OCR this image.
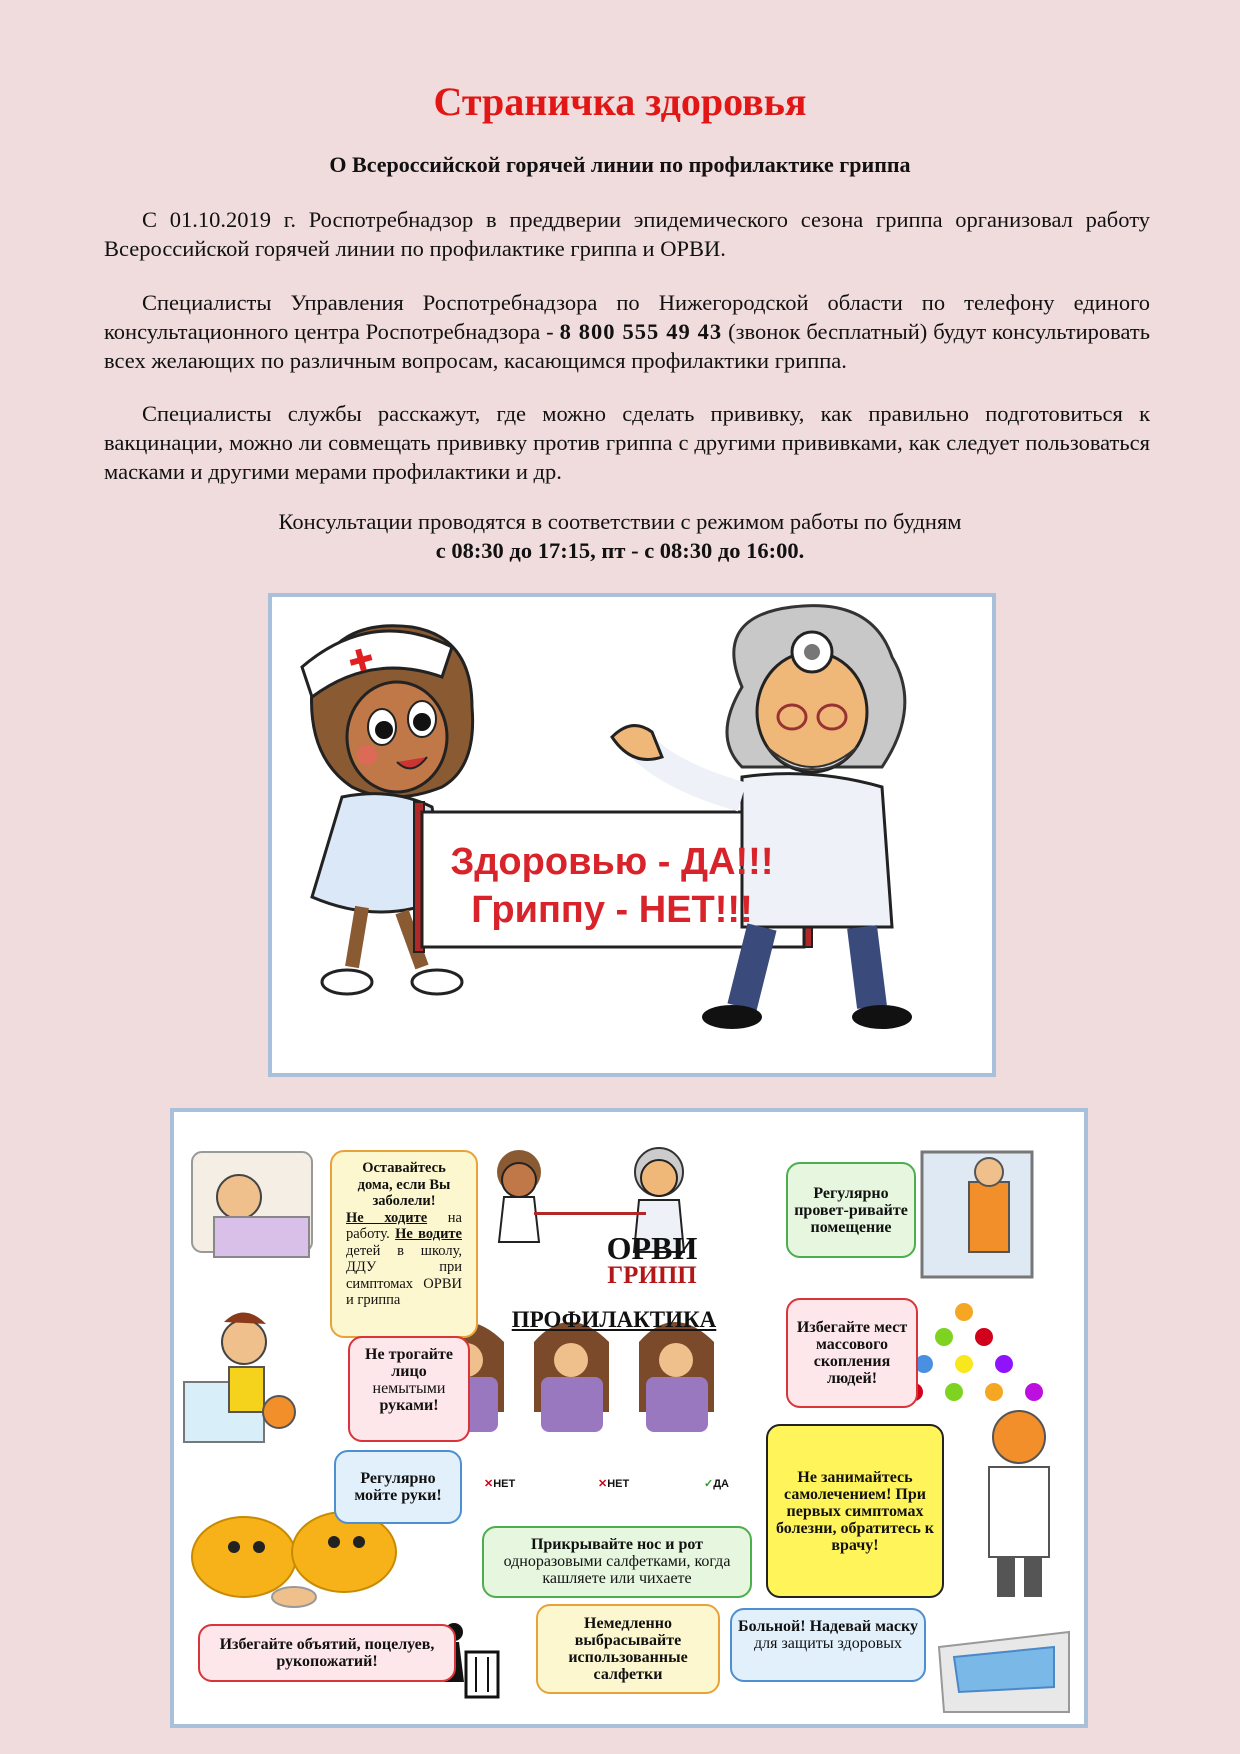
Страничка здоровья
О Всероссийской горячей линии по профилактике гриппа

С 01.10.2019 г. Роспотребнадзор в преддверии эпидемического сезона гриппа организовал работу Всероссийской горячей линии по профилактике гриппа и ОРВИ.

Специалисты Управления Роспотребнадзора по Нижегородской области по телефону единого консультационного центра Роспотребнадзора - 8 800 555 49 43 (звонок бесплатный) будут консультировать всех желающих по различным вопросам, касающимся профилактики гриппа.

Специалисты службы расскажут, где можно сделать прививку, как правильно подготовиться к вакцинации, можно ли совмещать прививку против гриппа с другими прививками, как следует пользоваться масками и другими мерами профилактики и др.

Консультации проводятся в соответствии с режимом работы по будням
с 08:30 до 17:15, пт - с 08:30 до 16:00.
Здоровью - ДА!!!
Гриппу - НЕТ!!!
Оставайтесь дома, если Вы заболели!
Не ходите на работу. Не водите детей в школу, ДДУ при симптомах ОРВИ и гриппа
ОРВИ
ГРИПП
ПРОФИЛАКТИКА
Регулярно провет-ривайте помещение
Избегайте мест массового скопления людей!
Не трогайте лицо
немытыми
руками!
Регулярно мойте руки!
✕НЕТ	✕НЕТ	✓ДА	Не занимайтесь самолечением! При первых симптомах болезни, обратитесь к врачу!
Прикрывайте нос и рот
одноразовыми салфетками, когда кашляете или чихаете
Избегайте объятий, поцелуев, рукопожатий!
Немедленно выбрасывайте использованные салфетки
Больной! Надевай маску для защиты здоровых
